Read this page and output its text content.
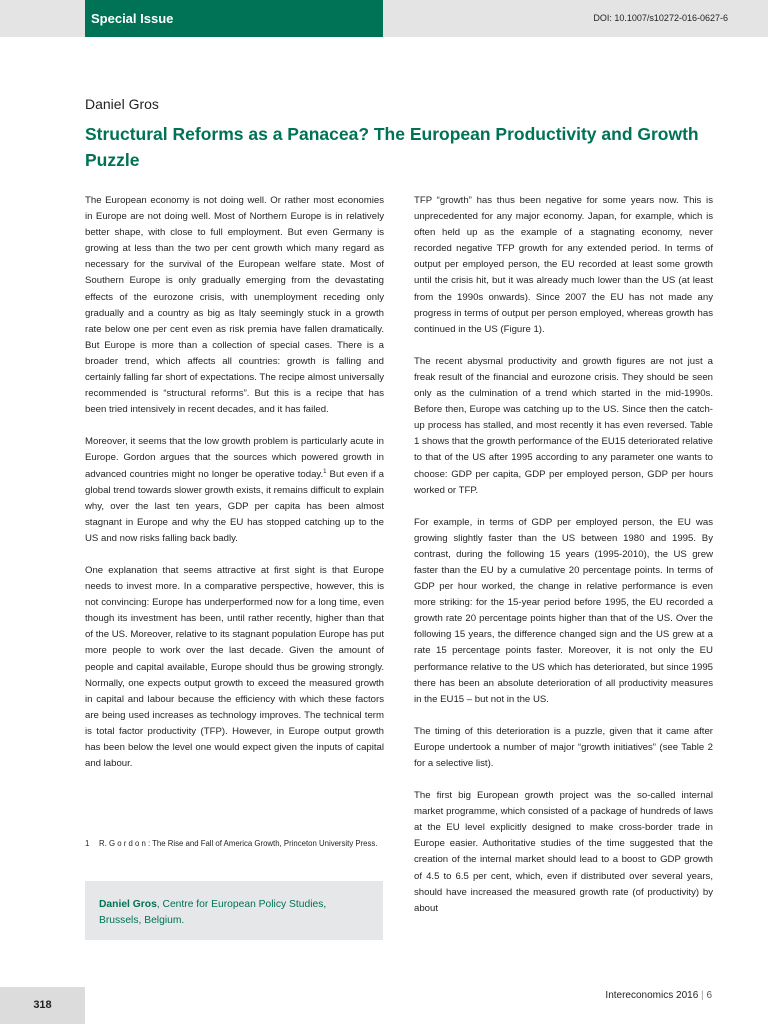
Special Issue	DOI: 10.1007/s10272-016-0627-6
Daniel Gros
Structural Reforms as a Panacea? The European Productivity and Growth Puzzle

The European economy is not doing well. Or rather most economies in Europe are not doing well. Most of Northern Europe is in relatively better shape, with close to full employment. But even Germany is growing at less than the two per cent growth which many regard as necessary for the survival of the European welfare state. Most of Southern Europe is only gradually emerging from the devastating effects of the eurozone crisis, with unemployment receding only gradually and a country as big as Italy seemingly stuck in a growth rate below one per cent even as risk premia have fallen dramatically. But Europe is more than a collection of special cases. There is a broader trend, which affects all countries: growth is falling and certainly falling far short of expectations. The recipe almost universally recommended is “structural reforms”. But this is a recipe that has been tried intensively in recent decades, and it has failed.

Moreover, it seems that the low growth problem is particularly acute in Europe. Gordon argues that the sources which powered growth in advanced countries might no longer be operative today.$^1$ But even if a global trend towards slower growth exists, it remains difficult to explain why, over the last ten years, GDP per capita has been almost stagnant in Europe and why the EU has stopped catching up to the US and now risks falling back badly.

One explanation that seems attractive at first sight is that Europe needs to invest more. In a comparative perspective, however, this is not convincing: Europe has underperformed now for a long time, even though its investment has been, until rather recently, higher than that of the US. Moreover, relative to its stagnant population Europe has put more people to work over the last decade. Given the amount of people and capital available, Europe should thus be growing strongly. Normally, one expects output growth to exceed the measured growth in capital and labour because the efficiency with which these factors are being used increases as technology improves. The technical term is total factor productivity (TFP). However, in Europe output growth has been below the level one would expect given the inputs of capital and labour.

TFP “growth” has thus been negative for some years now. This is unprecedented for any major economy. Japan, for example, which is often held up as the example of a stagnating economy, never recorded negative TFP growth for any extended period. In terms of output per employed person, the EU recorded at least some growth until the crisis hit, but it was already much lower than the US (at least from the 1990s onwards). Since 2007 the EU has not made any progress in terms of output per person employed, whereas growth has continued in the US (Figure 1).

The recent abysmal productivity and growth figures are not just a freak result of the financial and eurozone crisis. They should be seen only as the culmination of a trend which started in the mid-1990s. Before then, Europe was catching up to the US. Since then the catch-up process has stalled, and most recently it has even reversed. Table 1 shows that the growth performance of the EU15 deteriorated relative to that of the US after 1995 according to any parameter one wants to choose: GDP per capita, GDP per employed person, GDP per hours worked or TFP.

For example, in terms of GDP per employed person, the EU was growing slightly faster than the US between 1980 and 1995. By contrast, during the following 15 years (1995-2010), the US grew faster than the EU by a cumulative 20 percentage points. In terms of GDP per hour worked, the change in relative performance is even more striking: for the 15-year period before 1995, the EU recorded a growth rate 20 percentage points higher than that of the US. Over the following 15 years, the difference changed sign and the US grew at a rate 15 percentage points faster. Moreover, it is not only the EU performance relative to the US which has deteriorated, but since 1995 there has been an absolute deterioration of all productivity measures in the EU15 – but not in the US.

The timing of this deterioration is a puzzle, given that it came after Europe undertook a number of major “growth initiatives” (see Table 2 for a selective list).

The first big European growth project was the so-called internal market programme, which consisted of a package of hundreds of laws at the EU level explicitly designed to make cross-border trade in Europe easier. Authoritative studies of the time suggested that the creation of the internal market should lead to a boost to GDP growth of 4.5 to 6.5 per cent, which, even if distributed over several years, should have increased the measured growth rate (of productivity) by about

1	R. G o r d o n : The Rise and Fall of America Growth, Princeton University Press.
Daniel Gros, Centre for European Policy Studies, Brussels, Belgium.
318
Intereconomics 2016 | 6
